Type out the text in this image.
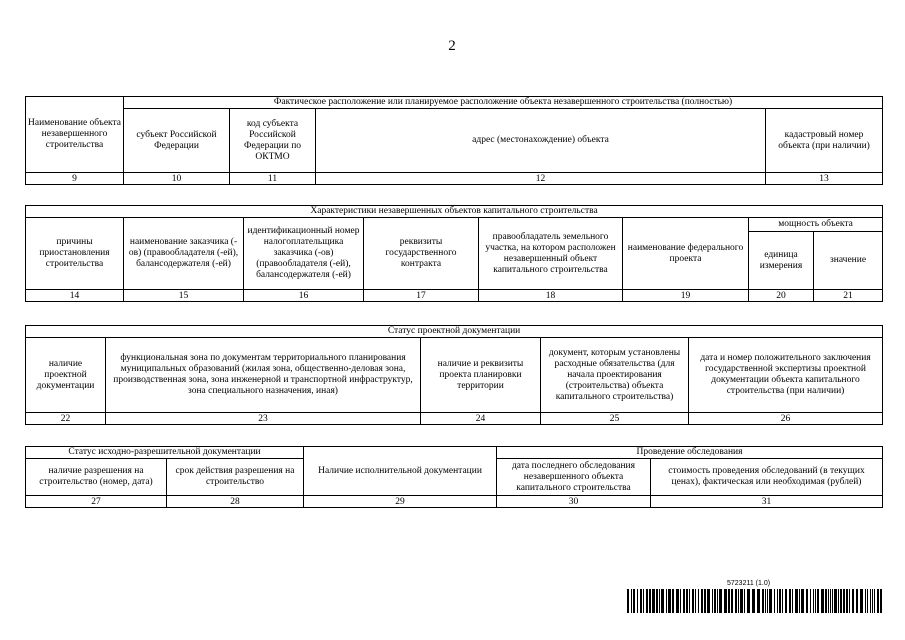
2
Наименование объекта незавершенного строительства	Фактическое расположение или планируемое расположение объекта незавершенного строительства (полностью)			
	субъект Российской Федерации	код субъекта Российской Федерации по ОКТМО	адрес (местонахождение) объекта	кадастровый номер объекта (при наличии)
9	10	11	12	13
Характеристики незавершенных объектов капитального строительства							
причины приостановления строительства	наименование заказчика (-ов) (правообладателя (-ей), балансодержателя (-ей)	идентификационный номер налогоплательщика заказчика (-ов) (правообладателя (-ей), балансодержателя (-ей)	реквизиты государственного контракта	правообладатель земельного участка, на котором расположен незавершенный объект капитального строительства	наименование федерального проекта	мощность объекта	
						единица измерения	значение
14	15	16	17	18	19	20	21
Статус проектной документации				
наличие проектной документации	функциональная зона по документам территориального планирования муниципальных образований (жилая зона, общественно-деловая зона, производственная зона, зона инженерной и транспортной инфраструктур, зона специального назначения, иная)	наличие и реквизиты проекта планировки территории	документ, которым установлены расходные обязательства (для начала проектирования (строительства) объекта капитального строительства)	дата и номер положительного заключения государственной экспертизы проектной документации объекта капитального строительства (при наличии)
22	23	24	25	26
Статус исходно-разрешительной документации		Наличие исполнительной документации	Проведение обследования	
наличие разрешения на строительство (номер, дата)	срок действия разрешения на строительство		дата последнего обследования незавершенного объекта капитального строительства	стоимость проведения обследований (в текущих ценах), фактическая или необходимая (рублей)
27	28	29	30	31
5723211 (1.0)
